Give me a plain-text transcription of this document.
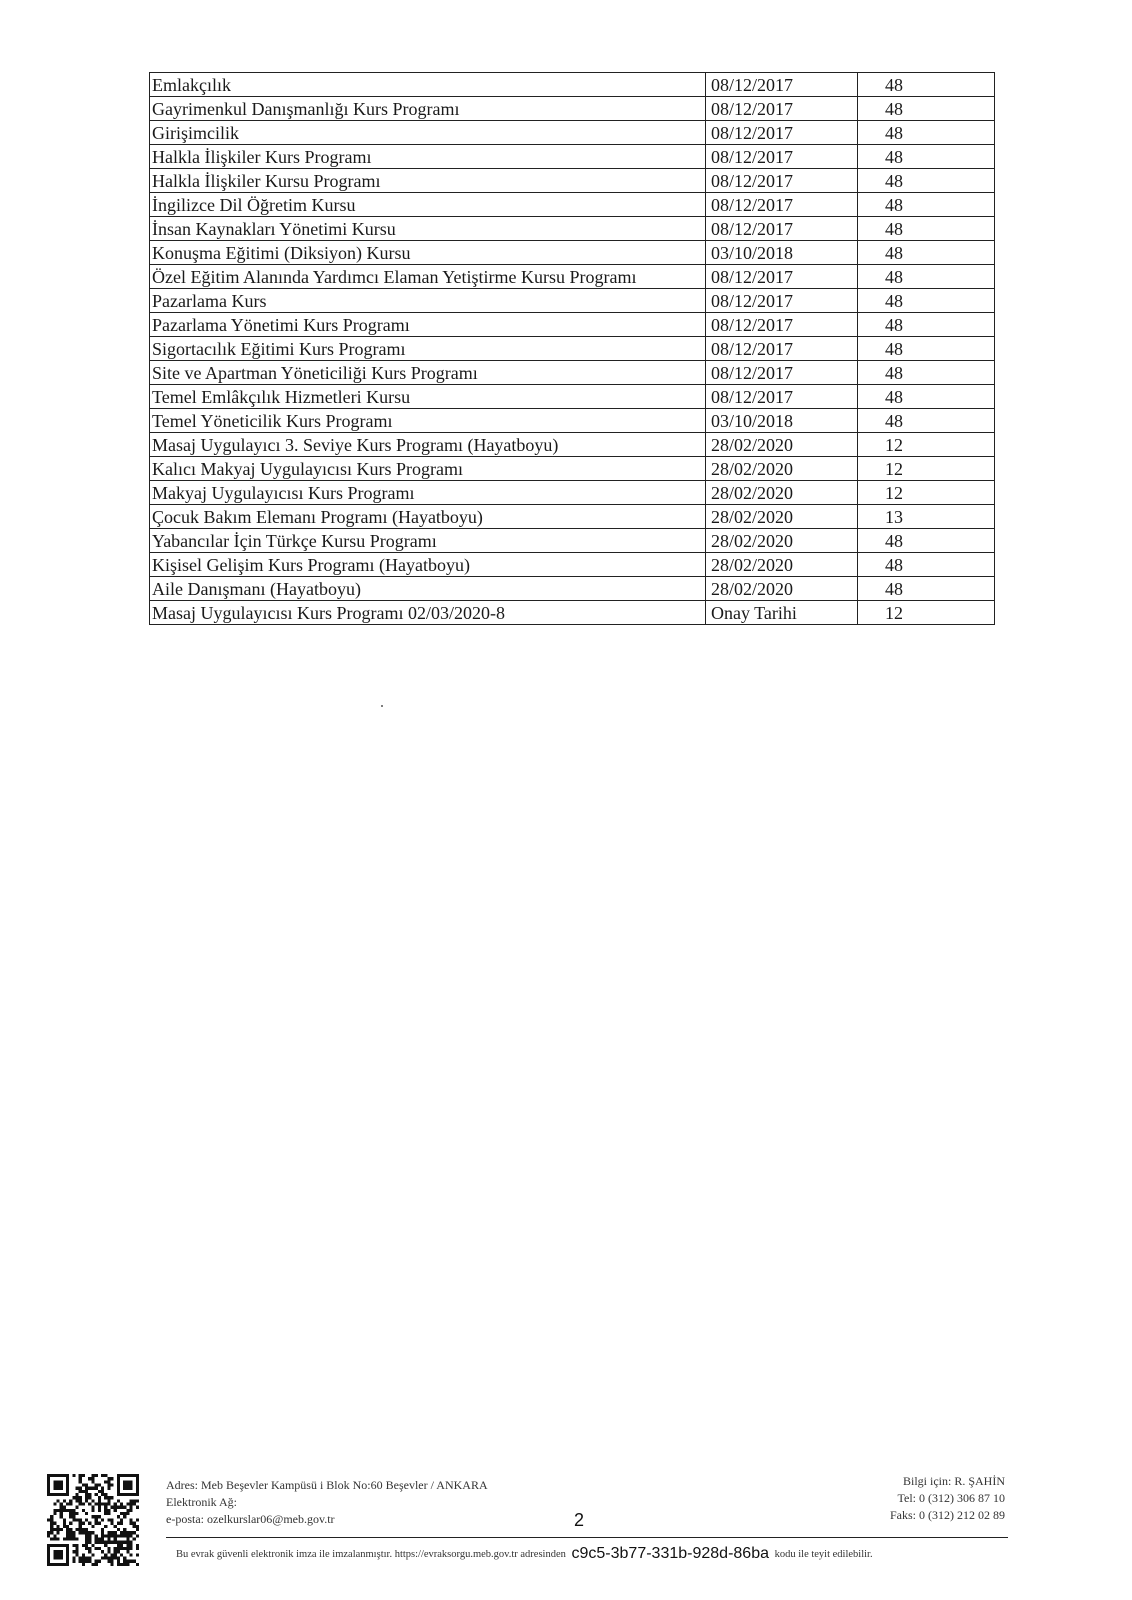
Emlakçılık	08/12/2017	48
Gayrimenkul Danışmanlığı Kurs Programı	08/12/2017	48
Girişimcilik	08/12/2017	48
Halkla İlişkiler Kurs Programı	08/12/2017	48
Halkla İlişkiler Kursu Programı	08/12/2017	48
İngilizce Dil Öğretim Kursu	08/12/2017	48
İnsan Kaynakları Yönetimi Kursu	08/12/2017	48
Konuşma Eğitimi (Diksiyon) Kursu	03/10/2018	48
Özel Eğitim Alanında Yardımcı Elaman Yetiştirme Kursu Programı	08/12/2017	48
Pazarlama Kurs	08/12/2017	48
Pazarlama Yönetimi Kurs Programı	08/12/2017	48
Sigortacılık Eğitimi Kurs Programı	08/12/2017	48
Site ve Apartman Yöneticiliği Kurs Programı	08/12/2017	48
Temel Emlâkçılık Hizmetleri Kursu	08/12/2017	48
Temel Yöneticilik Kurs Programı	03/10/2018	48
Masaj Uygulayıcı 3. Seviye Kurs Programı (Hayatboyu)	28/02/2020	12
Kalıcı Makyaj Uygulayıcısı Kurs Programı	28/02/2020	12
Makyaj Uygulayıcısı Kurs Programı	28/02/2020	12
Çocuk Bakım Elemanı Programı (Hayatboyu)	28/02/2020	13
Yabancılar İçin Türkçe Kursu Programı	28/02/2020	48
Kişisel Gelişim Kurs Programı (Hayatboyu)	28/02/2020	48
Aile Danışmanı (Hayatboyu)	28/02/2020	48
Masaj Uygulayıcısı Kurs Programı 02/03/2020-8	Onay Tarihi	12
Adres: Meb Beşevler Kampüsü i Blok No:60 Beşevler / ANKARA
Elektronik Ağ:
e-posta: ozelkurslar06@meb.gov.tr	2
Bilgi için: R. ŞAHİN
Tel: 0 (312) 306 87 10
Faks: 0 (312) 212 02 89
Bu evrak güvenli elektronik imza ile imzalanmıştır. https://evraksorgu.meb.gov.tr adresinden c9c5-3b77-331b-928d-86ba kodu ile teyit edilebilir.
